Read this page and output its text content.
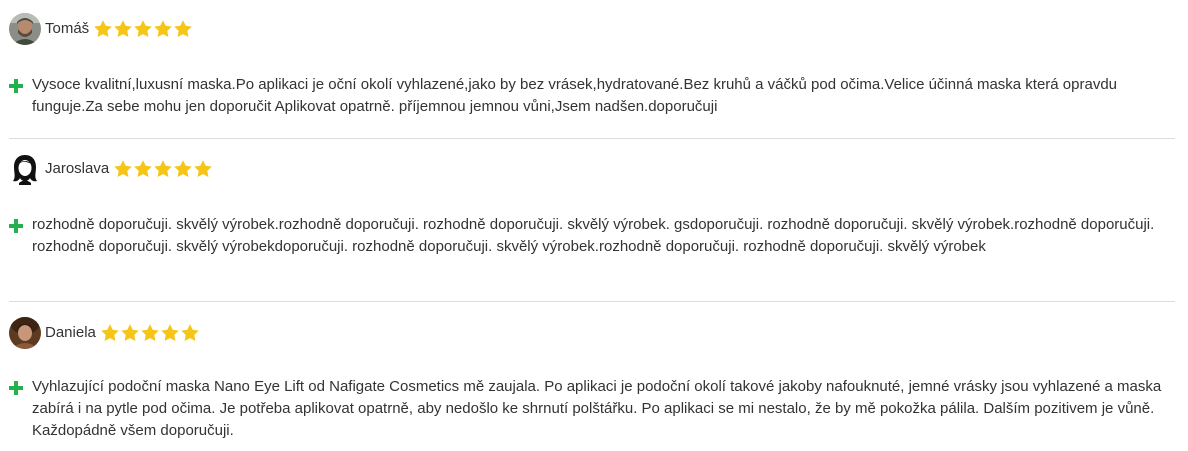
Tomáš
Vysoce kvalitní,luxusní maska.Po aplikaci je oční okolí vyhlazené,jako by bez vrásek,hydratované.Bez kruhů a váčků pod očima.Velice účinná maska která opravdu funguje.Za sebe mohu jen doporučit Aplikovat opatrně. příjemnou jemnou vůni,Jsem nadšen.doporučuji
Jaroslava
rozhodně doporučuji. skvělý výrobek.rozhodně doporučuji. rozhodně doporučuji. skvělý výrobek. gsdoporučuji. rozhodně doporučuji. skvělý výrobek.rozhodně doporučuji. rozhodně doporučuji. skvělý výrobekdoporučuji. rozhodně doporučuji. skvělý výrobek.rozhodně doporučuji. rozhodně doporučuji. skvělý výrobek
Daniela
Vyhlazující podoční maska Nano Eye Lift od Nafigate Cosmetics mě zaujala. Po aplikaci je podoční okolí takové jakoby nafouknuté, jemné vrásky jsou vyhlazené a maska zabírá i na pytle pod očima. Je potřeba aplikovat opatrně, aby nedošlo ke shrnutí polštářku. Po aplikaci se mi nestalo, že by mě pokožka pálila. Dalším pozitivem je vůně. Každopádně všem doporučuji.
